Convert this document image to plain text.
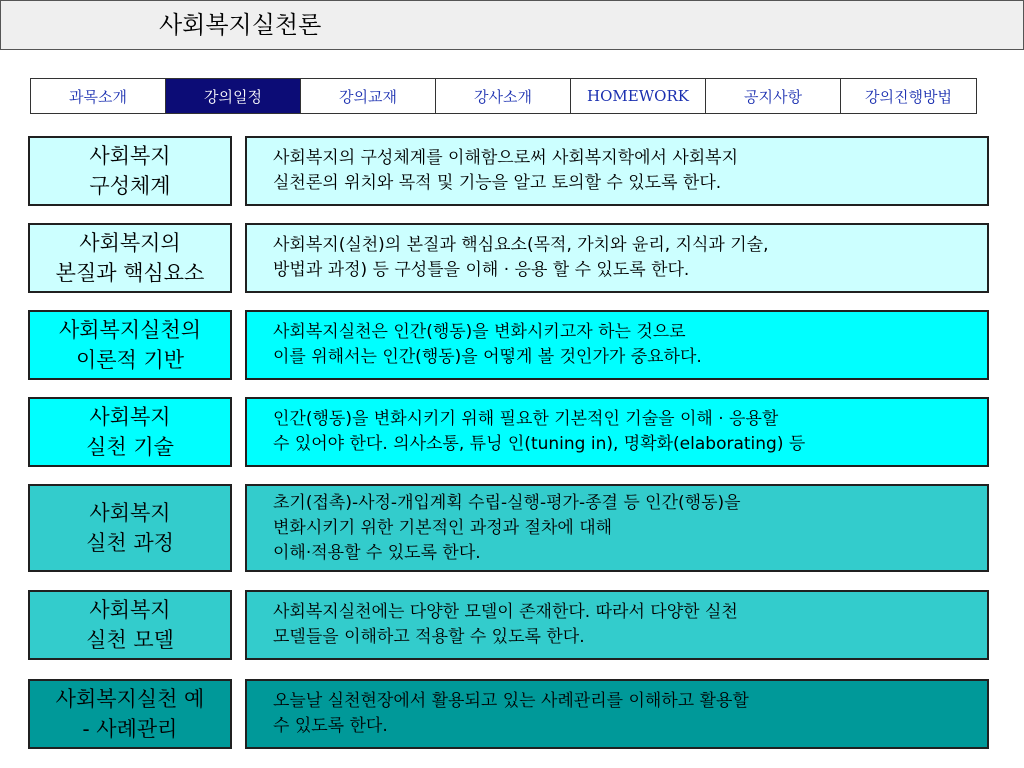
사회복지실천론
과목소개	강의일정	강의교재	강사소개	HOMEWORK	공지사항	강의진행방법
사회복지
구성체계
사회복지의 구성체계를 이해함으로써 사회복지학에서 사회복지
실천론의 위치와 목적 및 기능을 알고 토의할 수 있도록 한다.
사회복지의
본질과 핵심요소
사회복지(실천)의 본질과 핵심요소(목적, 가치와 윤리, 지식과 기술,
방법과 과정) 등 구성틀을 이해 · 응용 할 수 있도록 한다.
사회복지실천의
이론적 기반
사회복지실천은 인간(행동)을 변화시키고자 하는 것으로
이를 위해서는 인간(행동)을 어떻게 볼 것인가가 중요하다.
사회복지
실천 기술
인간(행동)을 변화시키기 위해 필요한 기본적인 기술을 이해 · 응용할
수 있어야 한다. 의사소통, 튜닝 인(tuning in), 명확화(elaborating) 등
사회복지
실천 과정
초기(접촉)-사정-개입계획 수립-실행-평가-종결 등 인간(행동)을
변화시키기 위한 기본적인 과정과 절차에 대해
이해·적용할 수 있도록 한다.
사회복지
실천 모델
사회복지실천에는 다양한 모델이 존재한다. 따라서 다양한 실천
모델들을 이해하고 적용할 수 있도록 한다.
사회복지실천 예
- 사례관리
오늘날 실천현장에서 활용되고 있는 사례관리를 이해하고 활용할
수 있도록 한다.
